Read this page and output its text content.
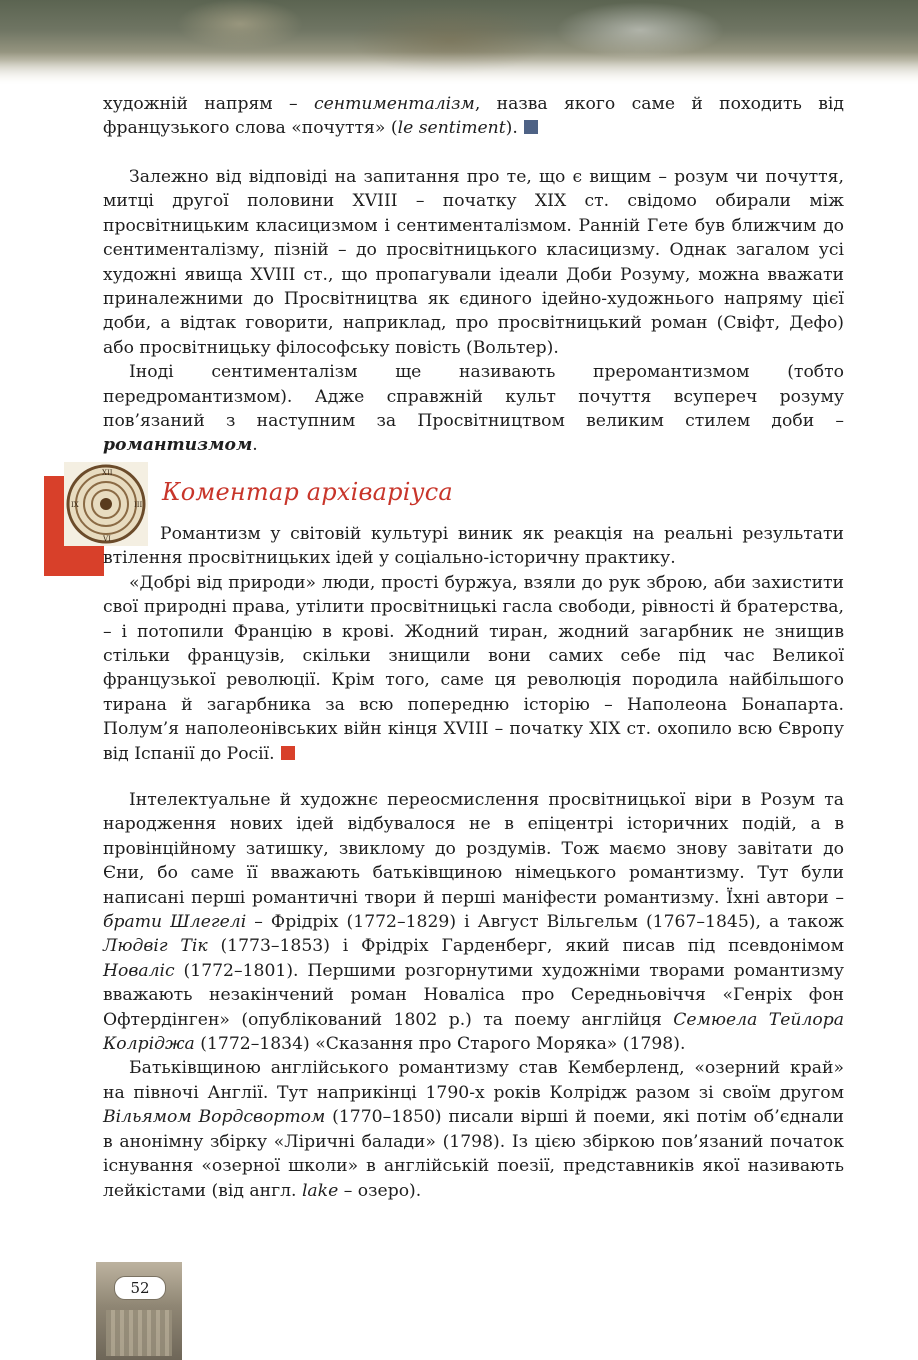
художній напрям – сентименталізм, назва якого саме й походить від французького слова «почуття» (le sentiment).

Залежно від відповіді на запитання про те, що є вищим – розум чи почуття, митці другої половини XVIII – початку XIX ст. свідомо обирали між просвітницьким класицизмом і сентименталізмом. Ранній Гете був ближчим до сентименталізму, пізній – до просвітницького класицизму. Однак загалом усі художні явища XVIII ст., що пропагували ідеали Доби Розуму, можна вважати приналежними до Просвітництва як єдиного ідейно-художнього напряму цієї доби, а відтак говорити, наприклад, про просвітницький роман (Свіфт, Дефо) або просвітницьку філософську повість (Вольтер).

Іноді сентименталізм ще називають преромантизмом (тобто передромантизмом). Адже справжній культ почуття всупереч розуму пов’язаний з наступним за Просвітництвом великим стилем доби – романтизмом.

XII
III
VI
IX	Коментар архіваріуса

Романтизм у світовій культурі виник як реакція на реальні результати втілення просвітницьких ідей у соціально-історичну практику.

«Добрі від природи» люди, прості буржуа, взяли до рук зброю, аби захистити свої природні права, утілити просвітницькі гасла свободи, рівності й братерства, – і потопили Францію в крові. Жодний тиран, жодний загарбник не знищив стільки французів, скільки знищили вони самих себе під час Великої французької революції. Крім того, саме ця революція породила найбільшого тирана й загарбника за всю попередню історію – Наполеона Бонапарта. Полум’я наполеонівських війн кінця XVIII – початку XIX ст. охопило всю Європу від Іспанії до Росії.

Інтелектуальне й художнє переосмислення просвітницької віри в Розум та народження нових ідей відбувалося не в епіцентрі історичних подій, а в провінційному затишку, звиклому до роздумів. Тож маємо знову завітати до Єни, бо саме її вважають батьківщиною німецького романтизму. Тут були написані перші романтичні твори й перші маніфести романтизму. Їхні автори – брати Шлегелі – Фрідріх (1772–1829) і Август Вільгельм (1767–1845), а також Людвіг Тік (1773–1853) і Фрідріх Гарденберг, який писав під псевдонімом Новаліс (1772–1801). Першими розгорнутими художніми творами романтизму вважають незакінчений роман Новаліса про Середньовіччя «Генріх фон Офтердінген» (опублікований 1802 р.) та поему англійця Семюела Тейлора Колріджа (1772–1834) «Сказання про Старого Моряка» (1798).

Батьківщиною англійського романтизму став Кемберленд, «озерний край» на півночі Англії. Тут наприкінці 1790-х років Колрідж разом зі своїм другом Вільямом Вордсвортом (1770–1850) писали вірші й поеми, які потім об’єднали в анонімну збірку «Ліричні балади» (1798). Із цією збіркою пов’язаний початок існування «озерної школи» в англійській поезії, представників якої називають лейкістами (від англ. lake – озеро).

52
